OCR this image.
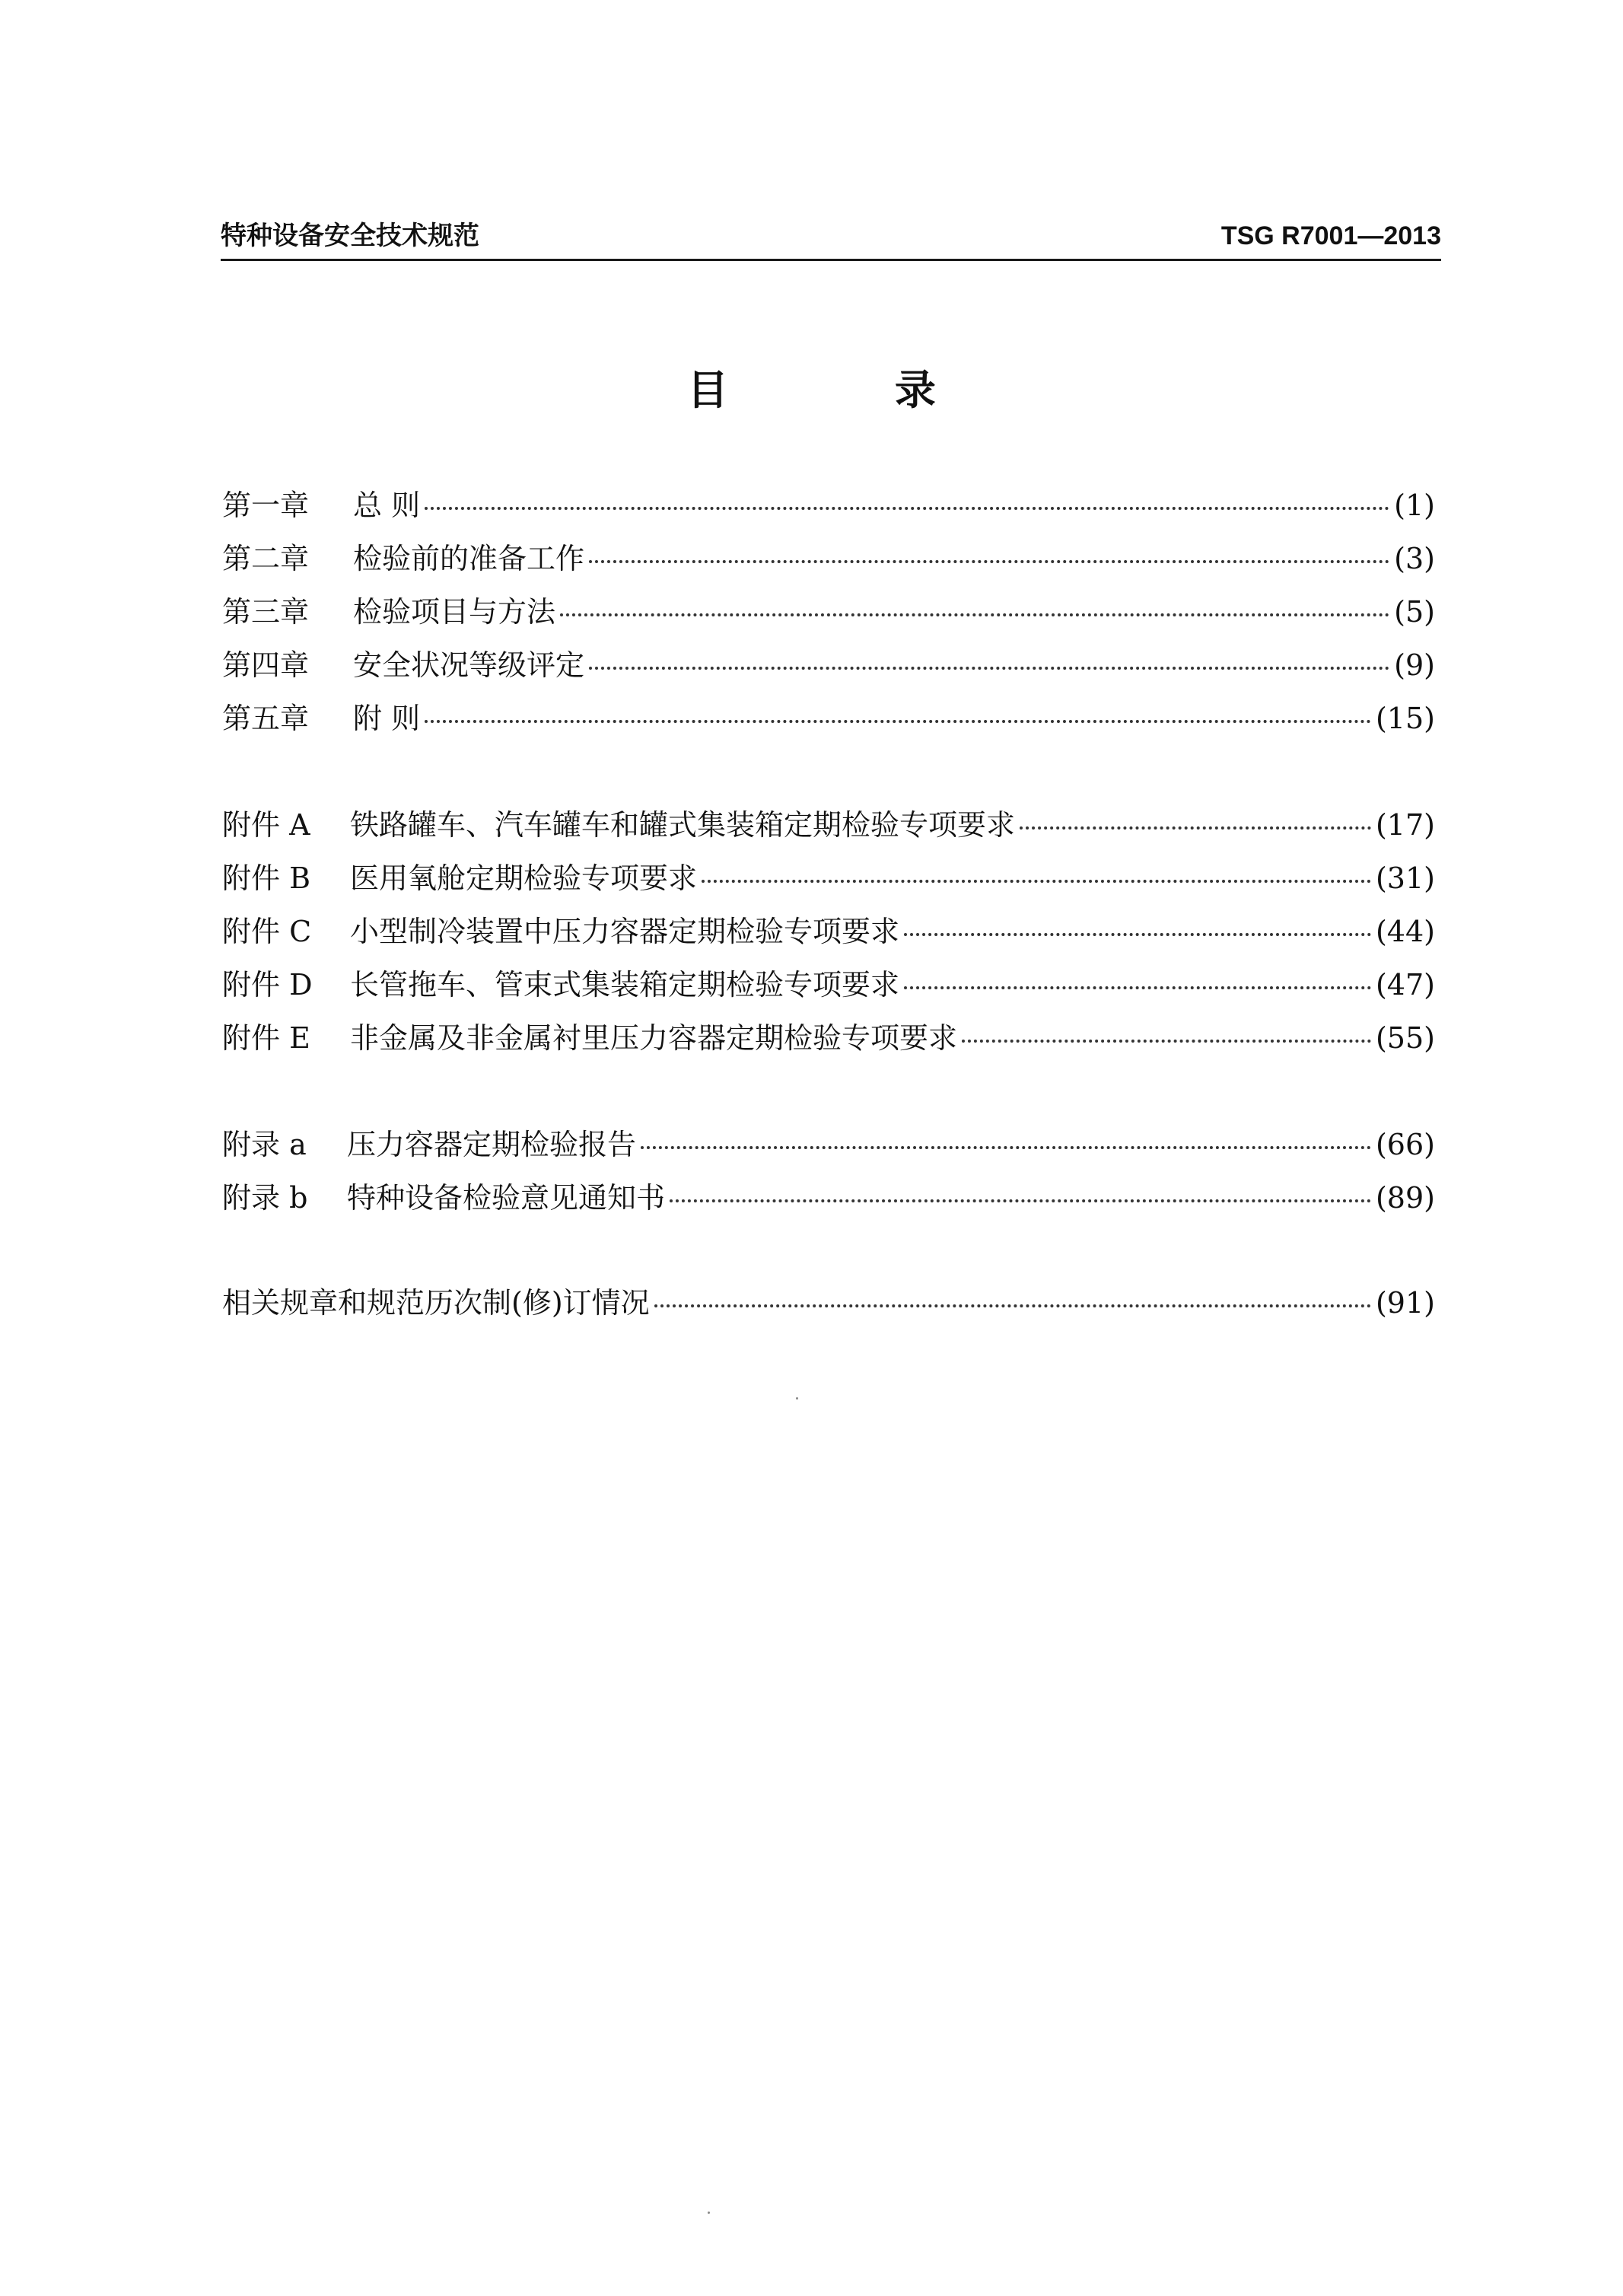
特种设备安全技术规范	TSG R7001—2013
目 录
第一章	总 则	(1)
第二章	检验前的准备工作	(3)
第三章	检验项目与方法	(5)
第四章	安全状况等级评定	(9)
第五章	附 则	(15)
附件 A	铁路罐车、汽车罐车和罐式集装箱定期检验专项要求	(17)
附件 B	医用氧舱定期检验专项要求	(31)
附件 C	小型制冷装置中压力容器定期检验专项要求	(44)
附件 D	长管拖车、管束式集装箱定期检验专项要求	(47)
附件 E	非金属及非金属衬里压力容器定期检验专项要求	(55)
附录 a	压力容器定期检验报告	(66)
附录 b	特种设备检验意见通知书	(89)
相关规章和规范历次制(修)订情况	(91)
